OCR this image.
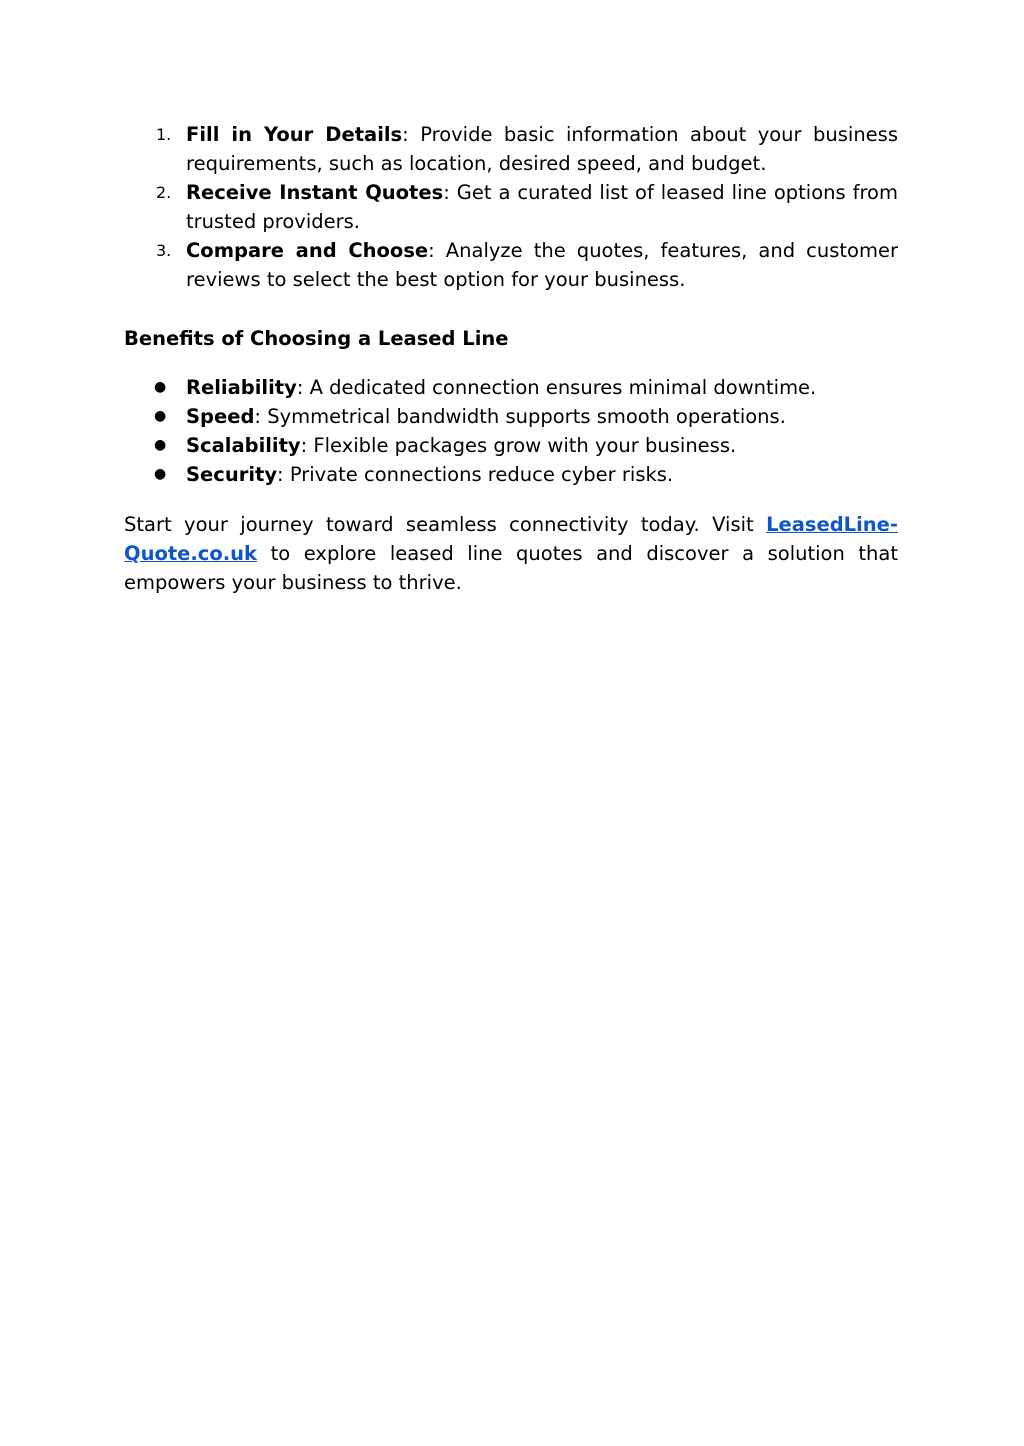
1. Fill in Your Details: Provide basic information about your business requirements, such as location, desired speed, and budget.
2. Receive Instant Quotes: Get a curated list of leased line options from trusted providers.
3. Compare and Choose: Analyze the quotes, features, and customer reviews to select the best option for your business.
Benefits of Choosing a Leased Line
● Reliability: A dedicated connection ensures minimal downtime.
● Speed: Symmetrical bandwidth supports smooth operations.
● Scalability: Flexible packages grow with your business.
● Security: Private connections reduce cyber risks.

Start your journey toward seamless connectivity today. Visit LeasedLine-Quote.co.uk to explore leased line quotes and discover a solution that empowers your business to thrive.
